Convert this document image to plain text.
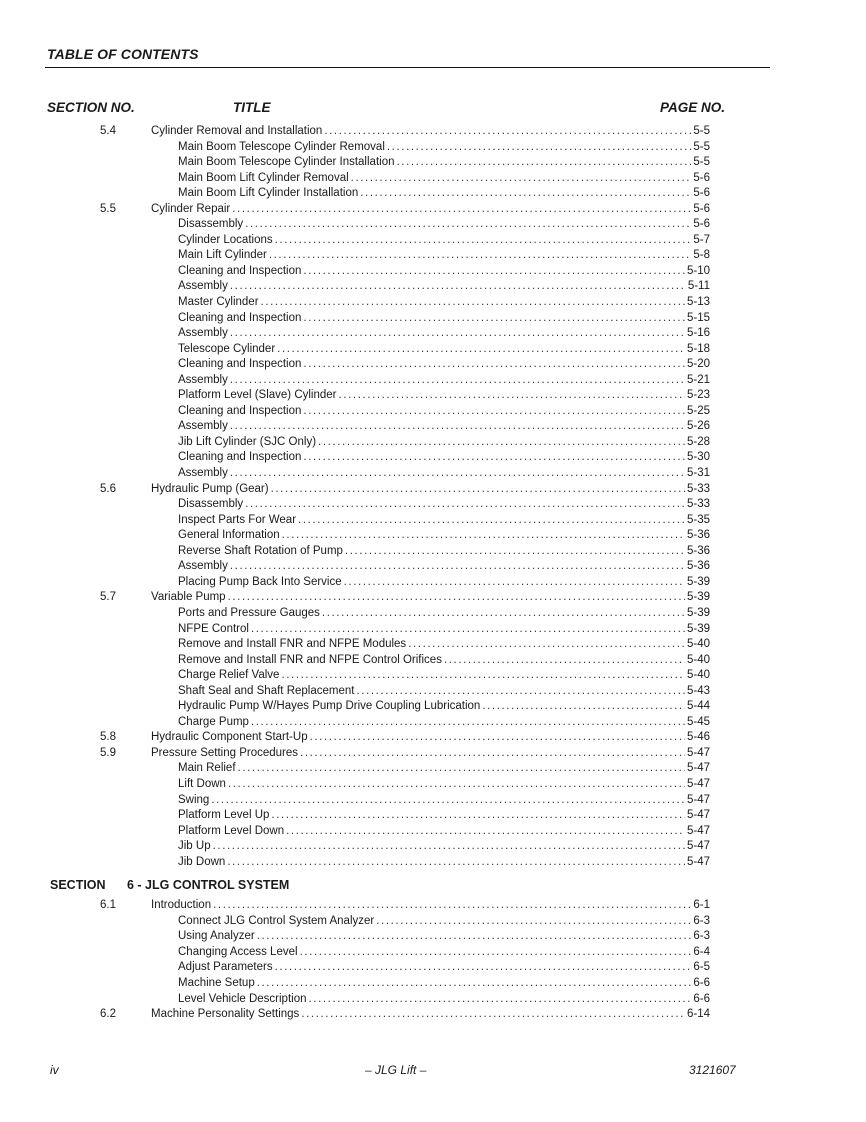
TABLE OF CONTENTS
SECTION NO.	TITLE	PAGE NO.
5.4	Cylinder Removal and Installation .....	5-5
Main Boom Telescope Cylinder Removal .....	5-5
Main Boom Telescope Cylinder Installation .....	5-5
Main Boom Lift Cylinder Removal .....	5-6
Main Boom Lift Cylinder Installation .....	5-6
5.5	Cylinder Repair .....	5-6
Disassembly .....	5-6
Cylinder Locations .....	5-7
Main Lift Cylinder .....	5-8
Cleaning and Inspection .....	5-10
Assembly .....	5-11
Master Cylinder .....	5-13
Cleaning and Inspection .....	5-15
Assembly .....	5-16
Telescope Cylinder .....	5-18
Cleaning and Inspection .....	5-20
Assembly .....	5-21
Platform Level (Slave) Cylinder .....	5-23
Cleaning and Inspection .....	5-25
Assembly .....	5-26
Jib Lift Cylinder (SJC Only) .....	5-28
Cleaning and Inspection .....	5-30
Assembly .....	5-31
5.6	Hydraulic Pump (Gear) .....	5-33
Disassembly .....	5-33
Inspect Parts For Wear .....	5-35
General Information .....	5-36
Reverse Shaft Rotation of Pump .....	5-36
Assembly .....	5-36
Placing Pump Back Into Service .....	5-39
5.7	Variable Pump .....	5-39
Ports and Pressure Gauges .....	5-39
NFPE Control .....	5-39
Remove and Install FNR and NFPE Modules .....	5-40
Remove and Install FNR and NFPE Control Orifices .....	5-40
Charge Relief Valve .....	5-40
Shaft Seal and Shaft Replacement .....	5-43
Hydraulic Pump W/Hayes Pump Drive Coupling Lubrication .....	5-44
Charge Pump .....	5-45
5.8	Hydraulic Component Start-Up .....	5-46
5.9	Pressure Setting Procedures .....	5-47
Main Relief .....	5-47
Lift Down .....	5-47
Swing .....	5-47
Platform Level Up .....	5-47
Platform Level Down .....	5-47
Jib Up .....	5-47
Jib Down .....	5-47
SECTION 6 - JLG CONTROL SYSTEM
6.1	Introduction .....	6-1
Connect JLG Control System Analyzer .....	6-3
Using Analyzer .....	6-3
Changing Access Level .....	6-4
Adjust Parameters .....	6-5
Machine Setup .....	6-6
Level Vehicle Description .....	6-6
6.2	Machine Personality Settings .....	6-14
iv	– JLG Lift –	3121607
